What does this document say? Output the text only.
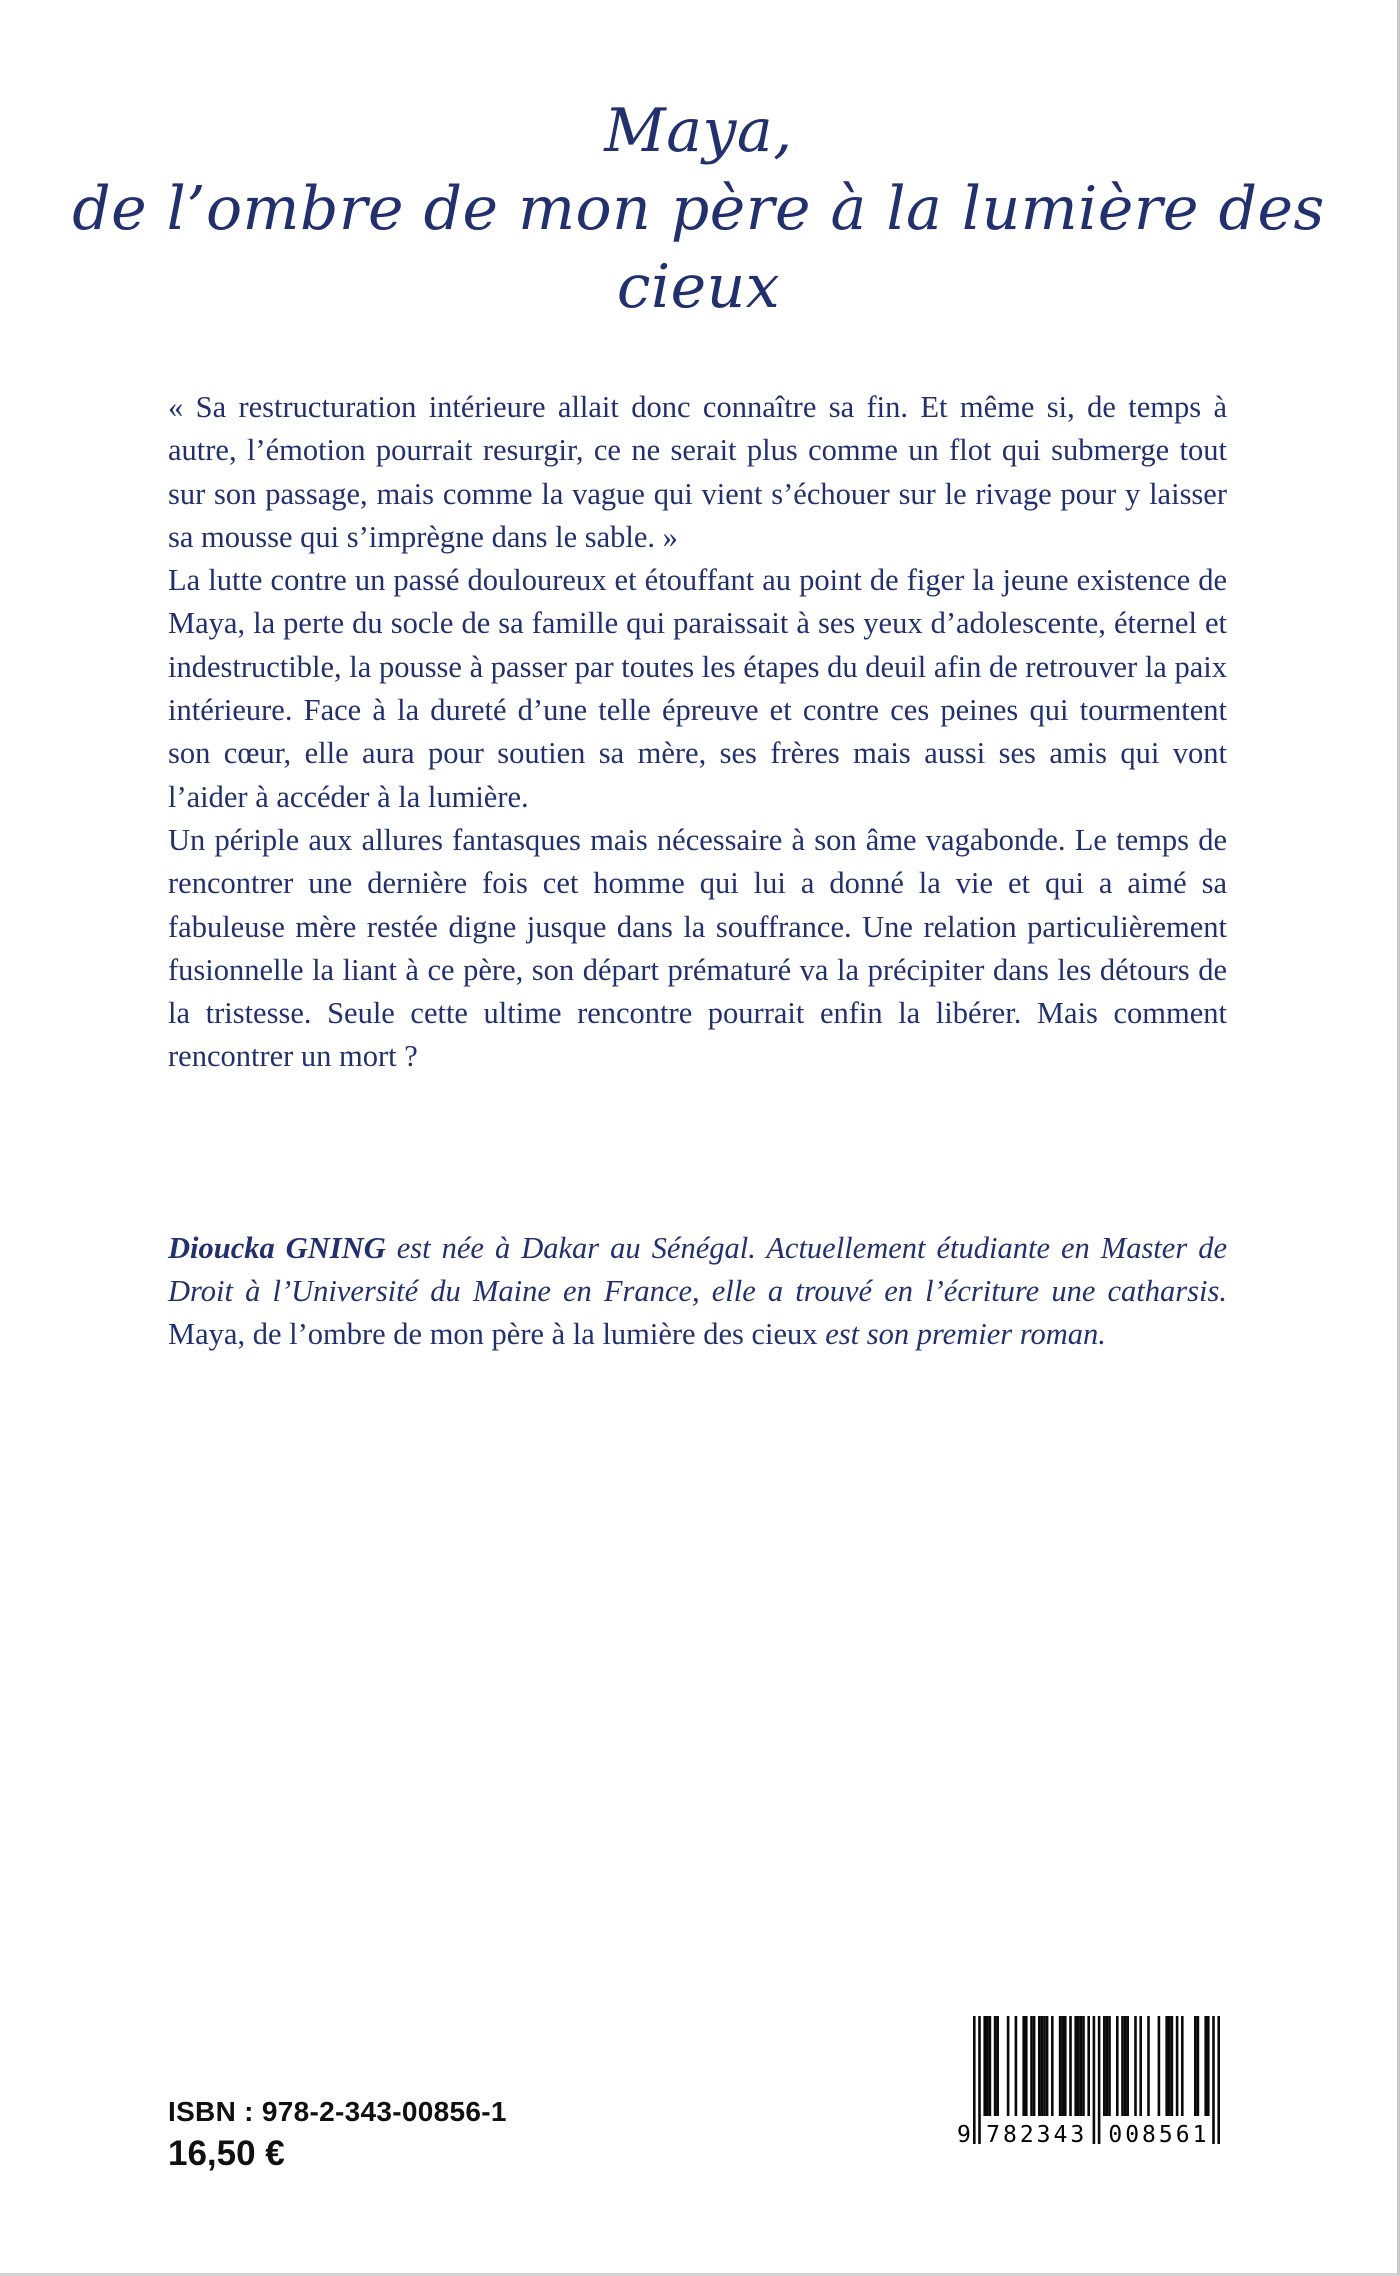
Maya,
de l’ombre de mon père à la lumière des cieux

« Sa restructuration intérieure allait donc connaître sa fin. Et même si, de temps à autre, l’émotion pourrait resurgir, ce ne serait plus comme un flot qui submerge tout sur son passage, mais comme la vague qui vient s’échouer sur le rivage pour y laisser sa mousse qui s’imprègne dans le sable. »

La lutte contre un passé douloureux et étouffant au point de figer la jeune existence de Maya, la perte du socle de sa famille qui paraissait à ses yeux d’adolescente, éternel et indestructible, la pousse à passer par toutes les étapes du deuil afin de retrouver la paix intérieure. Face à la dureté d’une telle épreuve et contre ces peines qui tourmentent son cœur, elle aura pour soutien sa mère, ses frères mais aussi ses amis qui vont l’aider à accéder à la lumière.

Un périple aux allures fantasques mais nécessaire à son âme vagabonde. Le temps de rencontrer une dernière fois cet homme qui lui a donné la vie et qui a aimé sa fabuleuse mère restée digne jusque dans la souffrance. Une relation particulièrement fusionnelle la liant à ce père, son départ prématuré va la précipiter dans les détours de la tristesse. Seule cette ultime rencontre pourrait enfin la libérer. Mais comment rencontrer un mort ?

Dioucka GNING est née à Dakar au Sénégal. Actuellement étudiante en Master de Droit à l’Université du Maine en France, elle a trouvé en l’écriture une catharsis. Maya, de l’ombre de mon père à la lumière des cieux est son premier roman.

ISBN : 978-2-343-00856-1
16,50 €	9 782343 008561
